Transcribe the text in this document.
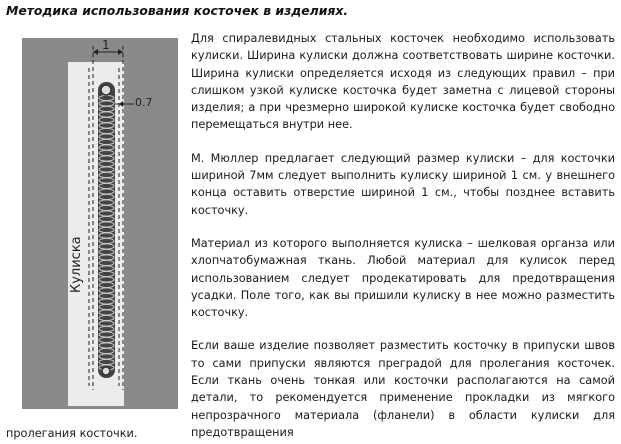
Методика использования косточек в изделиях.
1
0.7
Кулиска

Для спиралевидных стальных косточек необходимо использовать кулиски. Ширина кулиски должна соответствовать ширине косточки. Ширина кулиски определяется исходя из следующих правил – при слишком узкой кулиске косточка будет заметна с лицевой стороны изделия; а при чрезмерно широкой кулиске косточка будет свободно перемещаться внутри нее.

М. Мюллер предлагает следующий размер кулиски – для косточки шириной 7мм следует выполнить кулиску шириной 1 см. у внешнего конца оставить отверстие шириной 1 см., чтобы позднее вставить косточку.

Материал из которого выполняется кулиска – шелковая органза или хлопчатобумажная ткань. Любой материал для кулисок перед использованием следует продекатировать для предотвращения усадки. Поле того, как вы пришили кулиску в нее можно разместить косточку.

Если ваше изделие позволяет разместить косточку в припуски швов то сами припуски являются преградой для пролегания косточек. Если ткань очень тонкая или косточки располагаются на самой детали, то рекомендуется применение прокладки из мягкого непрозрачного материала (фланели) в области кулиски для предотвращения

пролегания косточки.
